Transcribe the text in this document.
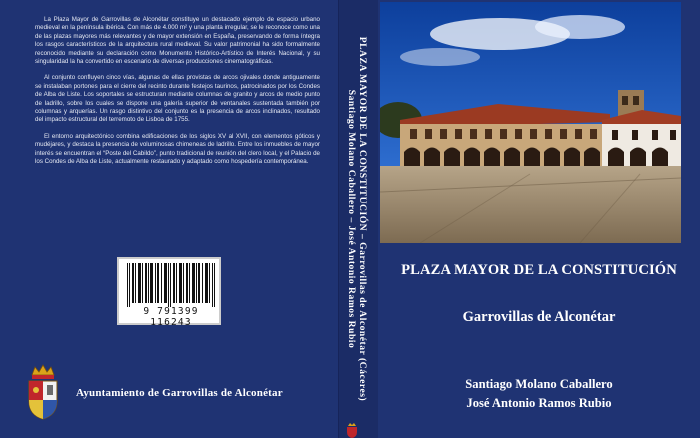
La Plaza Mayor de Garrovillas de Alconétar constituye un destacado ejemplo de espacio urbano medieval en la península ibérica. Con más de 4.000 m² y una planta irregular, se le reconoce como una de las plazas mayores más relevantes y de mayor extensión en España, preservando de forma íntegra los rasgos característicos de la arquitectura rural medieval. Su valor patrimonial ha sido formalmente reconocido mediante su declaración como Monumento Histórico-Artístico de Interés Nacional, y su singularidad la ha convertido en escenario de diversas producciones cinematográficas.

Al conjunto confluyen cinco vías, algunas de ellas provistas de arcos ojivales donde antiguamente se instalaban portones para el cierre del recinto durante festejos taurinos, patrocinados por los Condes de Alba de Liste. Los soportales se estructuran mediante columnas de granito y arcos de medio punto de ladrillo, sobre los cuales se dispone una galería superior de ventanales sustentada también por columnas y arquerías. Un rasgo distintivo del conjunto es la presencia de arcos inclinados, resultado del impacto estructural del terremoto de Lisboa de 1755.

El entorno arquitectónico combina edificaciones de los siglos XV al XVII, con elementos góticos y mudéjares, y destaca la presencia de voluminosas chimeneas de ladrillo. Entre los inmuebles de mayor interés se encuentran el “Poste del Cabildo”, punto tradicional de reunión del clero local, y el Palacio de los Condes de Alba de Liste, actualmente restaurado y adaptado como hospedería contemporánea.

9 791399 116243
Ayuntamiento de Garrovillas de Alconétar	PLAZA MAYOR DE LA CONSTITUCIÓN – Garrovillas de Alconétar (Cáceres)
Santiago Molano Caballero – José Antonio Ramos Rubio	PLAZA MAYOR DE LA CONSTITUCIÓN
Garrovillas de Alconétar
Santiago Molano Caballero
José Antonio Ramos Rubio
